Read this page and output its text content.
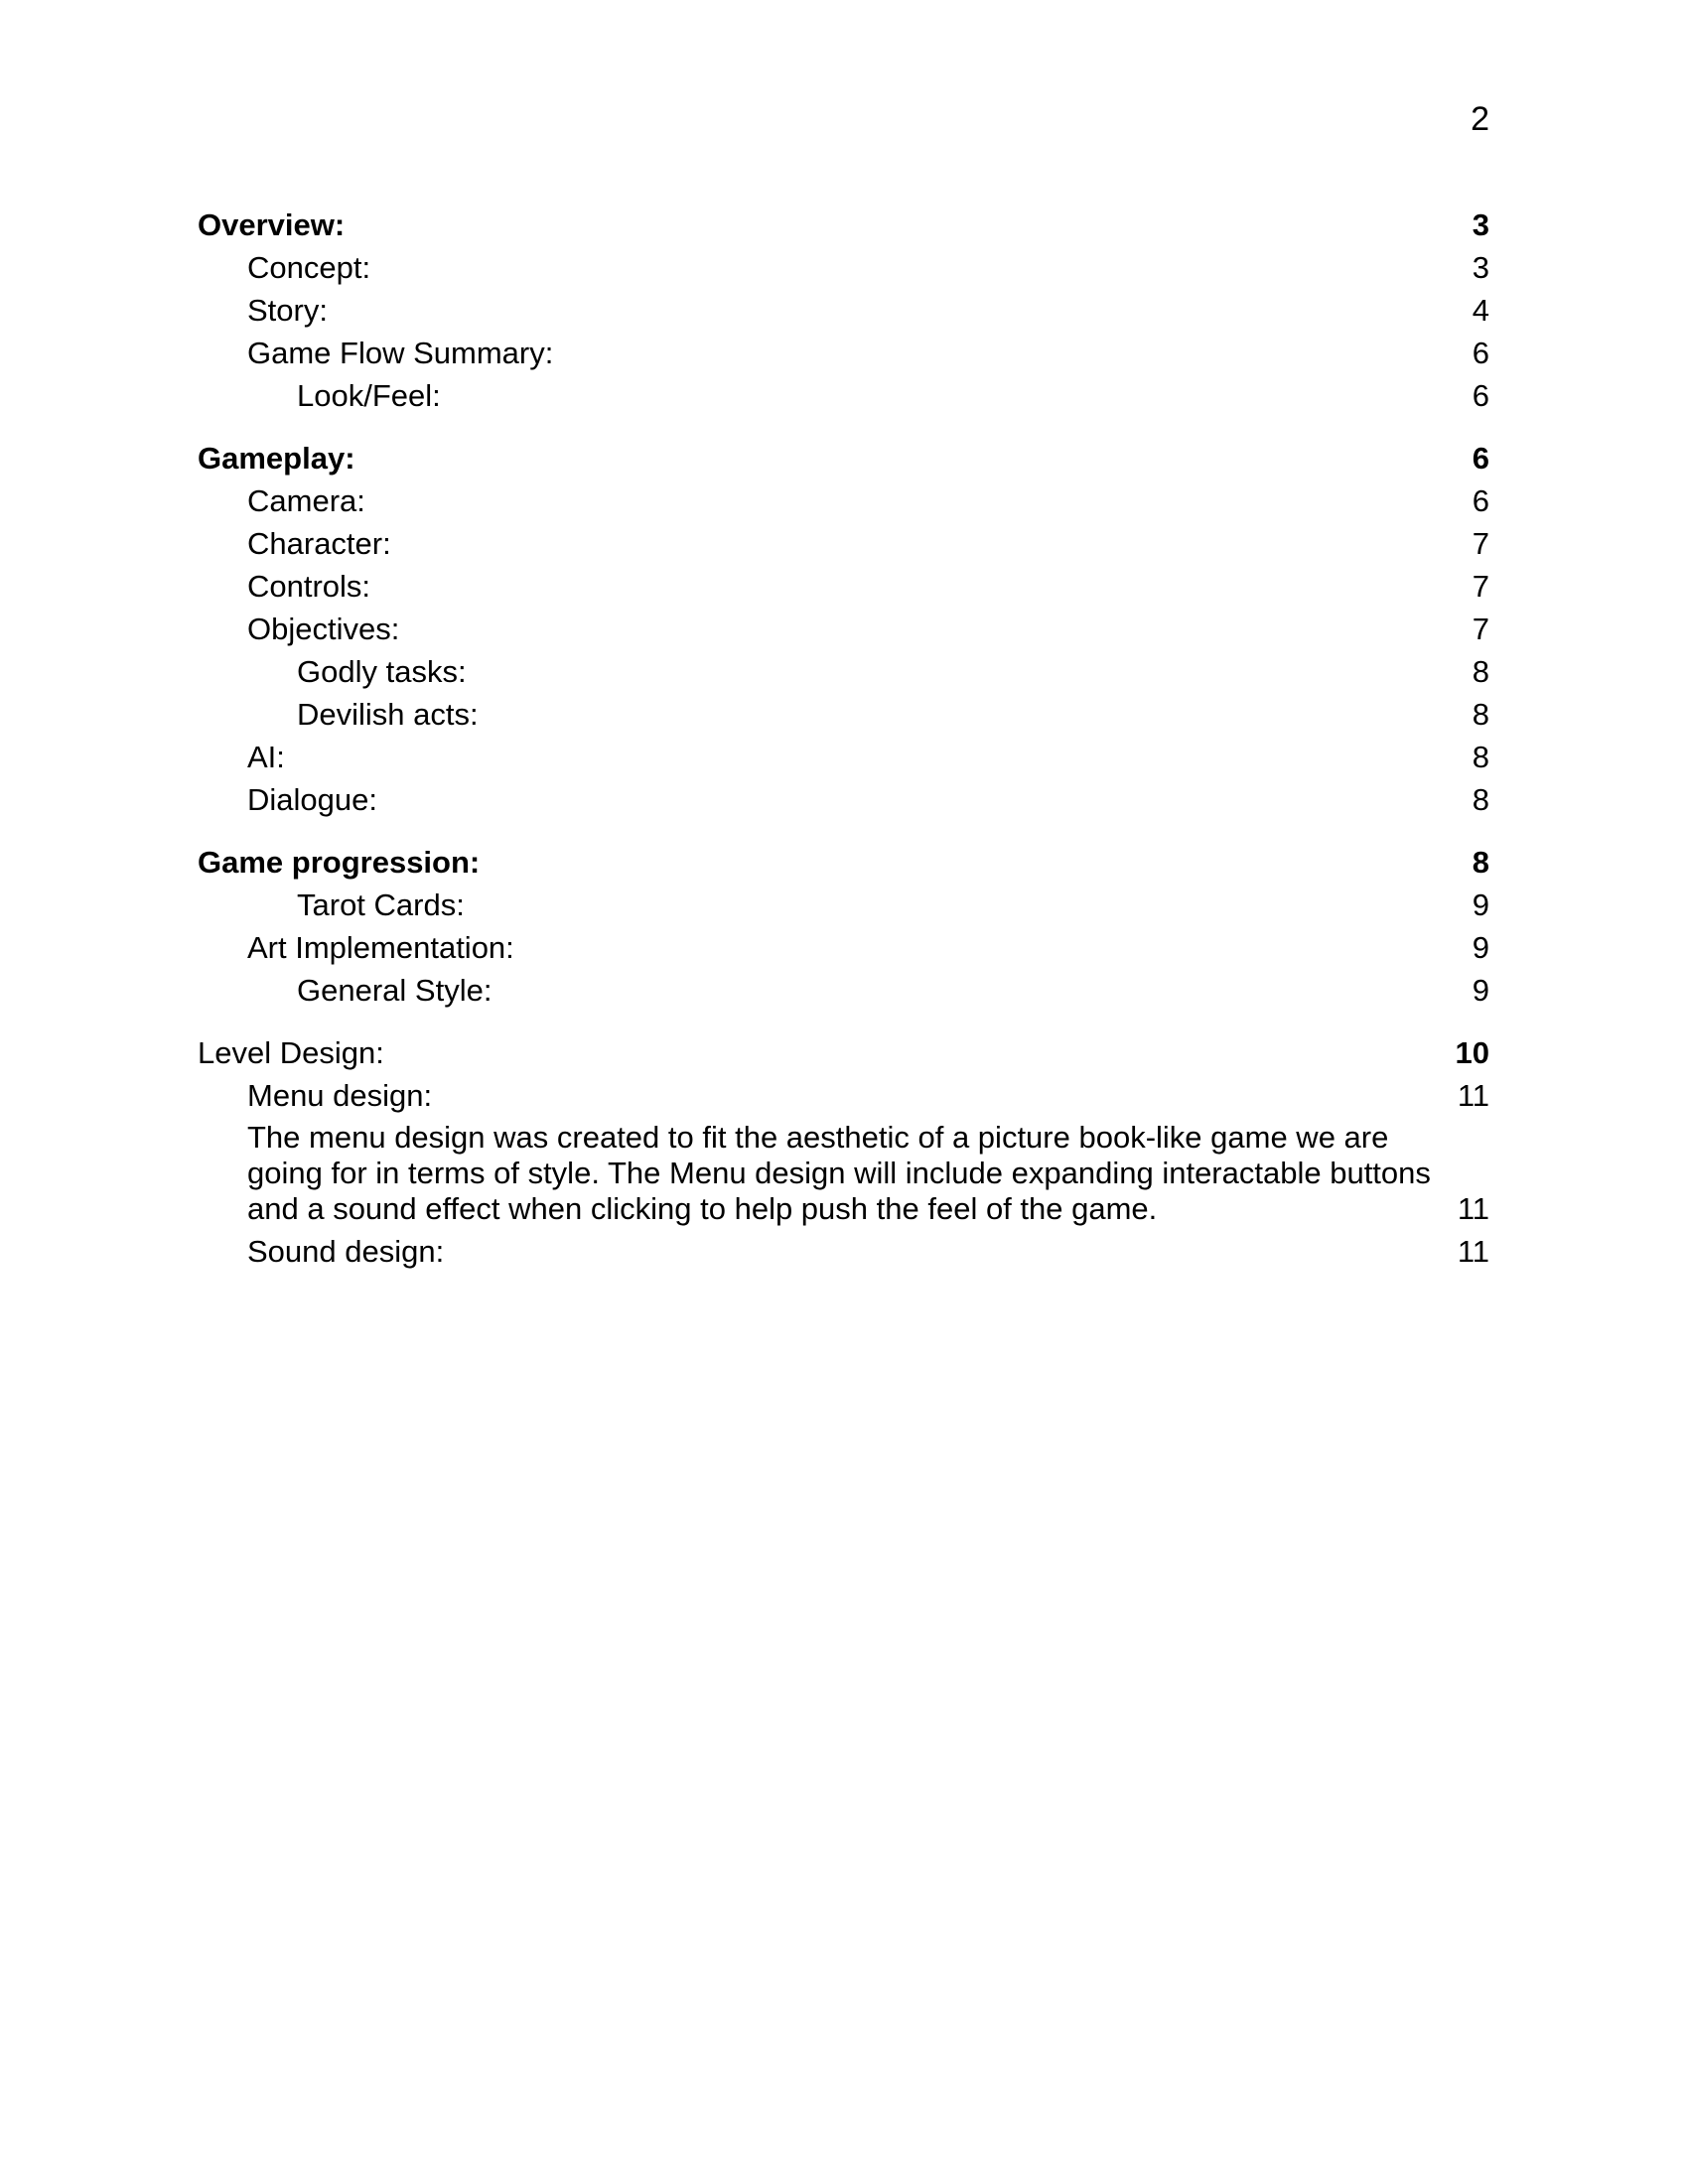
2
Overview:	3
Concept:	3
Story:	4
Game Flow Summary:	6
Look/Feel:	6
Gameplay:	6
Camera:	6
Character:	7
Controls:	7
Objectives:	7
Godly tasks:	8
Devilish acts:	8
AI:	8
Dialogue:	8
Game progression:	8
Tarot Cards:	9
Art Implementation:	9
General Style:	9
Level Design:	10
Menu design:	11
The menu design was created to fit the aesthetic of a picture book-like game we are going for in terms of style. The Menu design will include expanding interactable buttons and a sound effect when clicking to help push the feel of the game.	11
Sound design:	11
